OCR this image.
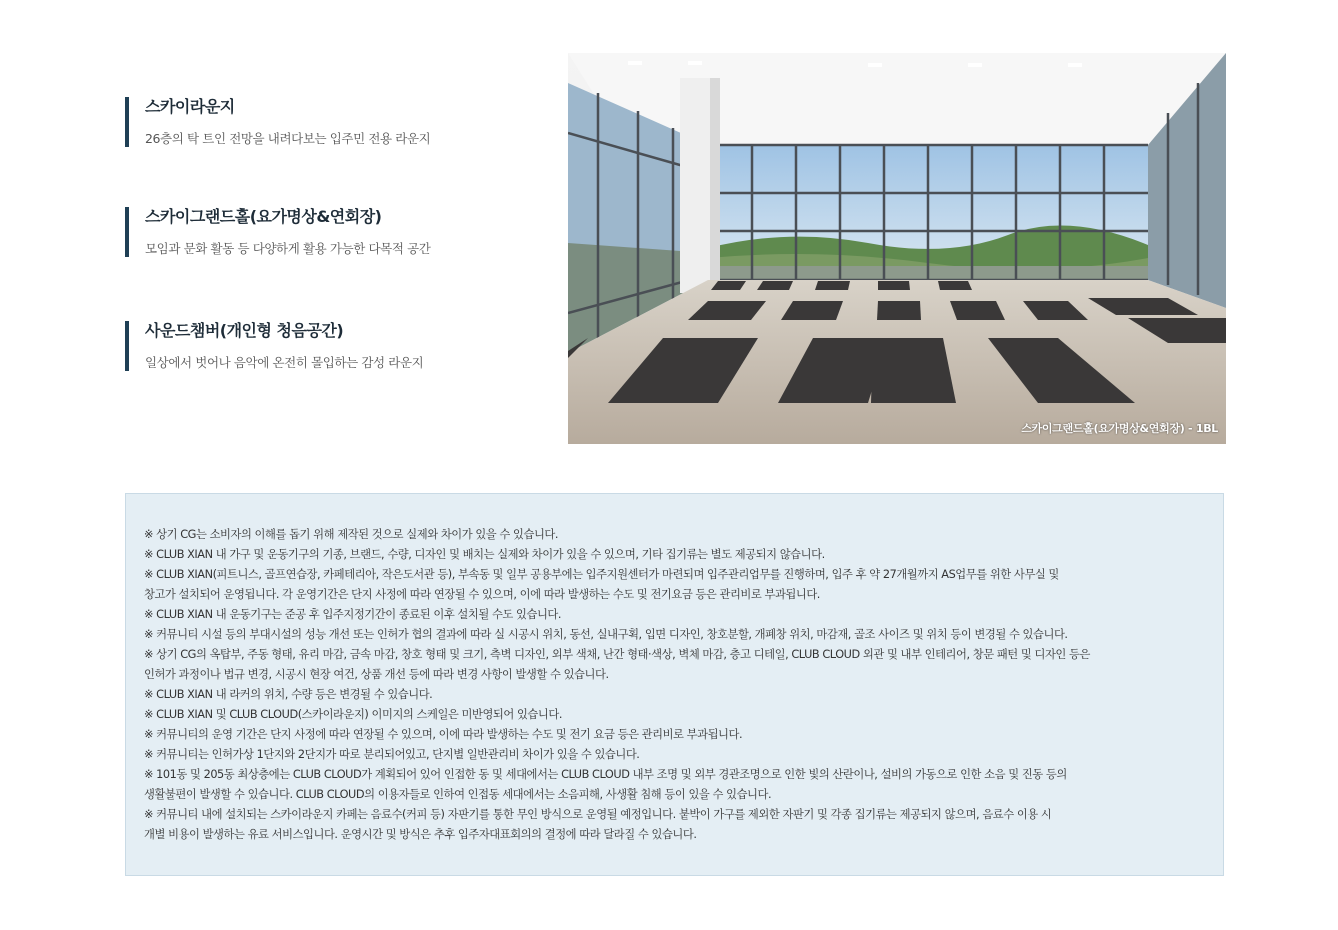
스카이라운지

26층의 탁 트인 전망을 내려다보는 입주민 전용 라운지

스카이그랜드홀(요가명상&연회장)

모임과 문화 활동 등 다양하게 활용 가능한 다목적 공간

사운드챔버(개인형 청음공간)

일상에서 벗어나 음악에 온전히 몰입하는 감성 라운지

스카이그랜드홀(요가명상&연회장) - 1BL
※ 상기 CG는 소비자의 이해를 돕기 위해 제작된 것으로 실제와 차이가 있을 수 있습니다.
※ CLUB XIAN 내 가구 및 운동기구의 기종, 브랜드, 수량, 디자인 및 배치는 실제와 차이가 있을 수 있으며, 기타 집기류는 별도 제공되지 않습니다.
※ CLUB XIAN(피트니스, 골프연습장, 카페테리아, 작은도서관 등), 부속동 및 일부 공용부에는 입주지원센터가 마련되며 입주관리업무를 진행하며, 입주 후 약 27개월까지 AS업무를 위한 사무실 및
창고가 설치되어 운영됩니다. 각 운영기간은 단지 사정에 따라 연장될 수 있으며, 이에 따라 발생하는 수도 및 전기요금 등은 관리비로 부과됩니다.
※ CLUB XIAN 내 운동기구는 준공 후 입주지정기간이 종료된 이후 설치될 수도 있습니다.
※ 커뮤니티 시설 등의 부대시설의 성능 개선 또는 인허가 협의 결과에 따라 실 시공시 위치, 동선, 실내구획, 입면 디자인, 창호분할, 개폐창 위치, 마감재, 골조 사이즈 및 위치 등이 변경될 수 있습니다.
※ 상기 CG의 옥탑부, 주동 형태, 유리 마감, 금속 마감, 창호 형태 및 크기, 측벽 디자인, 외부 색채, 난간 형태·색상, 벽체 마감, 층고 디테일, CLUB CLOUD 외관 및 내부 인테리어, 창문 패턴 및 디자인 등은
인허가 과정이나 법규 변경, 시공시 현장 여건, 상품 개선 등에 따라 변경 사항이 발생할 수 있습니다.
※ CLUB XIAN 내 라커의 위치, 수량 등은 변경될 수 있습니다.
※ CLUB XIAN 및 CLUB CLOUD(스카이라운지) 이미지의 스케일은 미반영되어 있습니다.
※ 커뮤니티의 운영 기간은 단지 사정에 따라 연장될 수 있으며, 이에 따라 발생하는 수도 및 전기 요금 등은 관리비로 부과됩니다.
※ 커뮤니티는 인허가상 1단지와 2단지가 따로 분리되어있고, 단지별 일반관리비 차이가 있을 수 있습니다.
※ 101동 및 205동 최상층에는 CLUB CLOUD가 계획되어 있어 인접한 동 및 세대에서는 CLUB CLOUD 내부 조명 및 외부 경관조명으로 인한 빛의 산란이나, 설비의 가동으로 인한 소음 및 진동 등의
생활불편이 발생할 수 있습니다. CLUB CLOUD의 이용자들로 인하여 인접동 세대에서는 소음피해, 사생활 침해 등이 있을 수 있습니다.
※ 커뮤니티 내에 설치되는 스카이라운지 카페는 음료수(커피 등) 자판기를 통한 무인 방식으로 운영될 예정입니다. 붙박이 가구를 제외한 자판기 및 각종 집기류는 제공되지 않으며, 음료수 이용 시
개별 비용이 발생하는 유료 서비스입니다. 운영시간 및 방식은 추후 입주자대표회의의 결정에 따라 달라질 수 있습니다.
